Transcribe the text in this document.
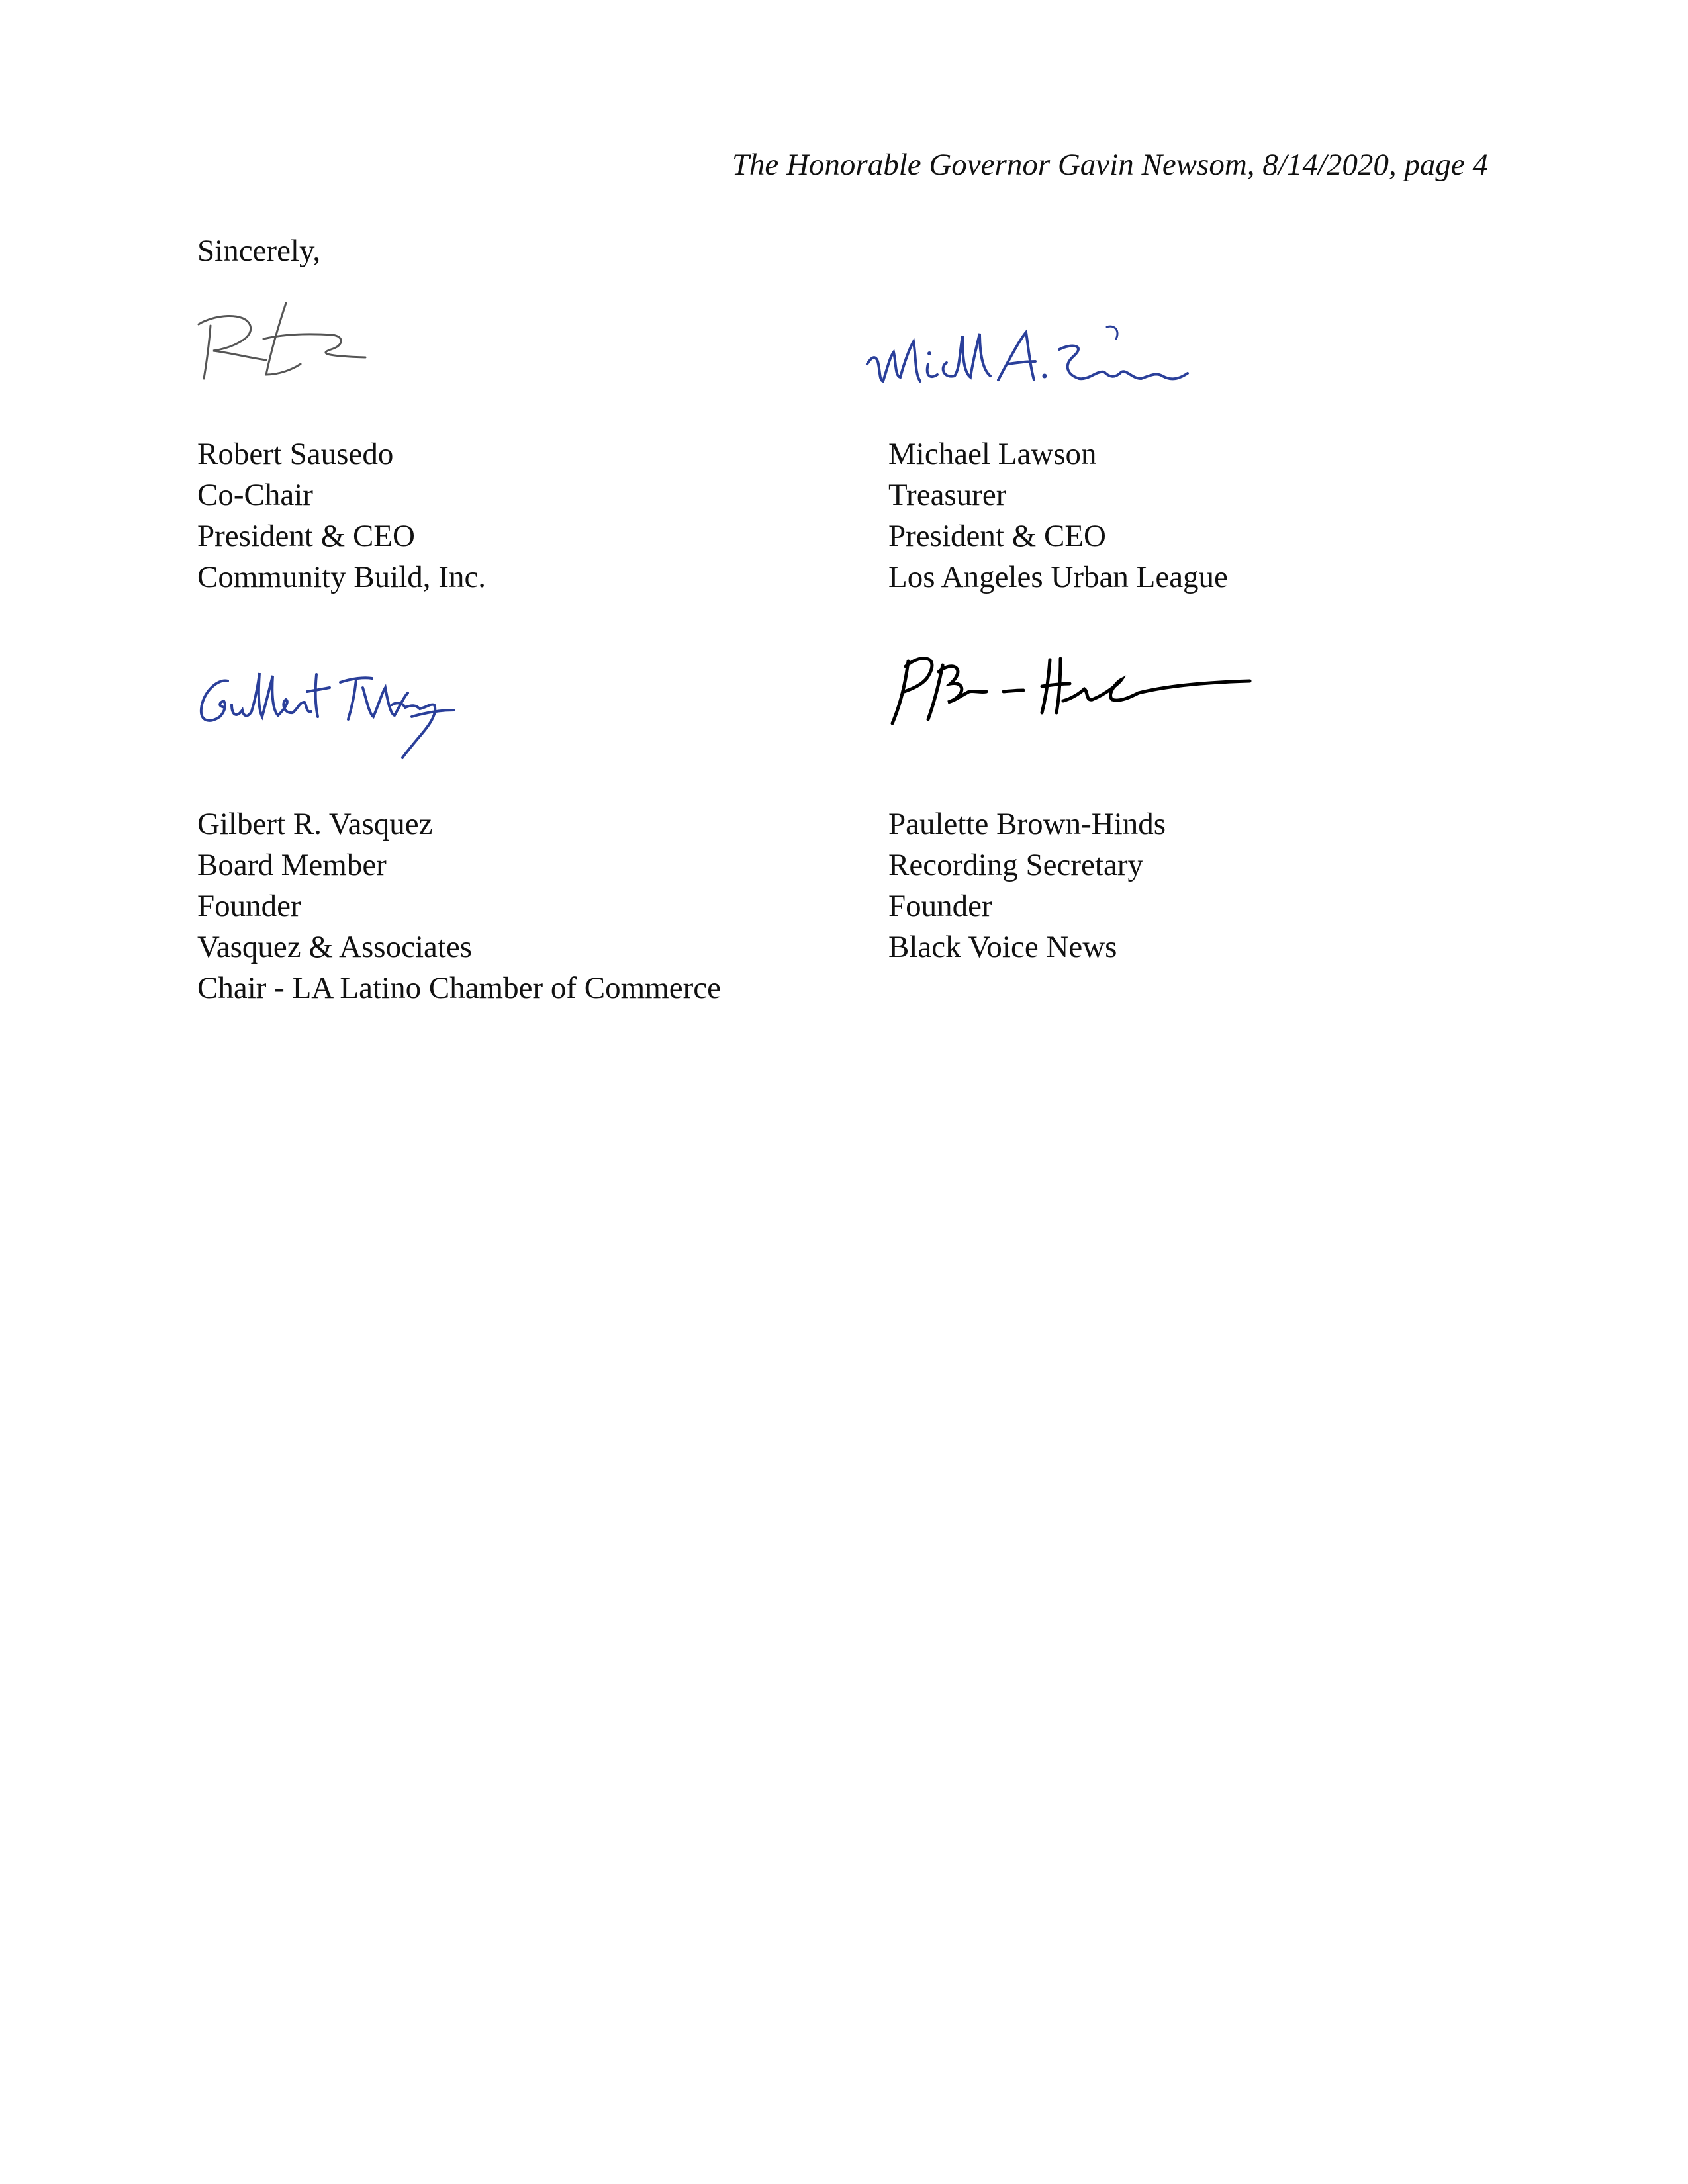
The Honorable Governor Gavin Newsom, 8/14/2020, page 4
Sincerely,
Robert Sausedo
Co-Chair
President & CEO
Community Build, Inc.
Michael Lawson
Treasurer
President & CEO
Los Angeles Urban League
Gilbert R. Vasquez
Board Member
Founder
Vasquez & Associates
Chair - LA Latino Chamber of Commerce
Paulette Brown-Hinds
Recording Secretary
Founder
Black Voice News
